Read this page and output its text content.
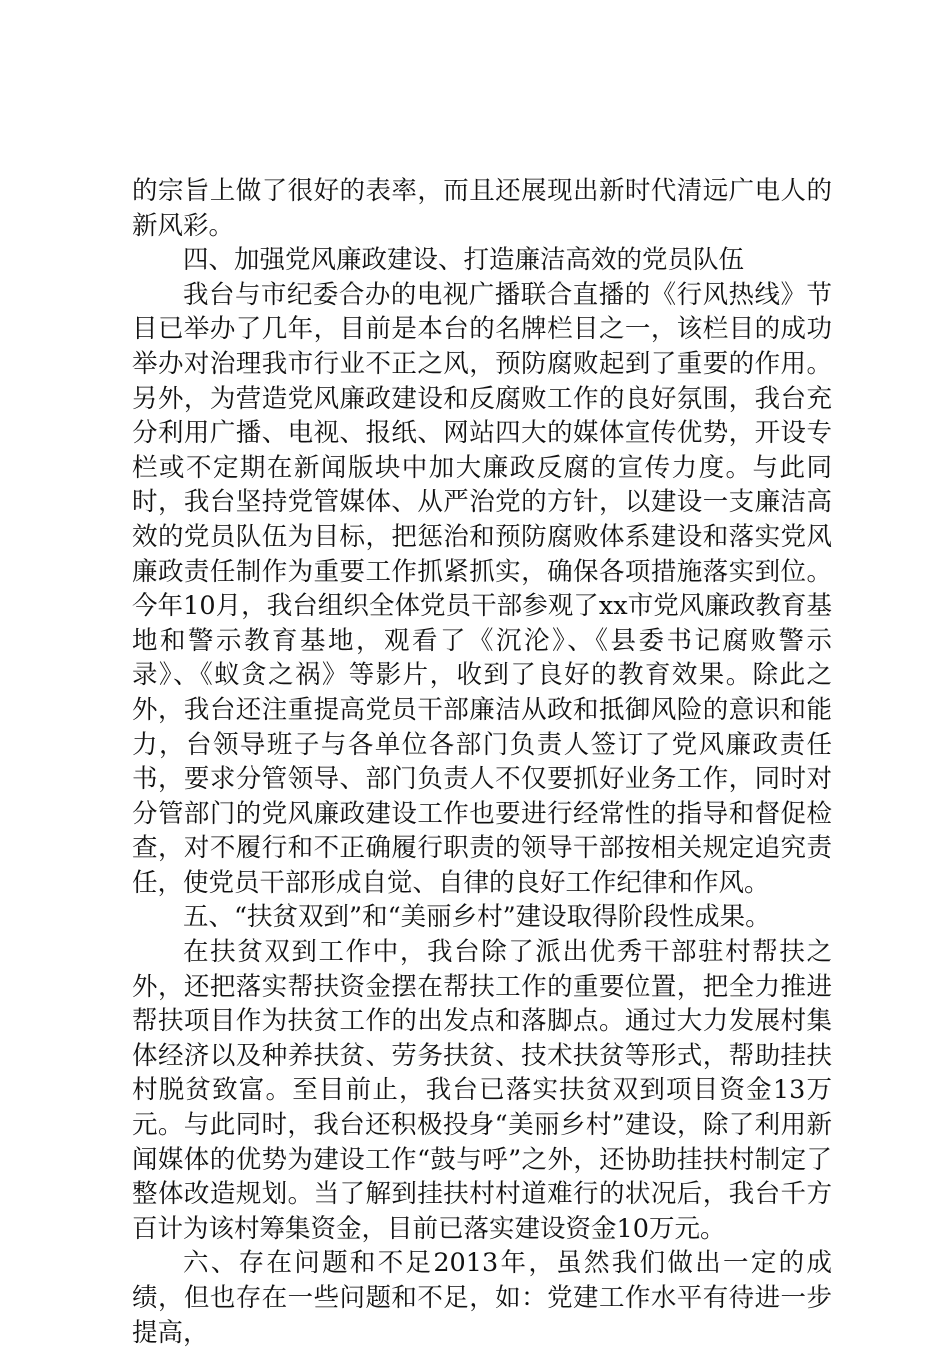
的宗旨上做了很好的表率，而且还展现出新时代清远广电人的新风彩。

四、加强党风廉政建设、打造廉洁高效的党员队伍

我台与市纪委合办的电视广播联合直播的《行风热线》节目已举办了几年，目前是本台的名牌栏目之一，该栏目的成功举办对治理我市行业不正之风，预防腐败起到了重要的作用。另外，为营造党风廉政建设和反腐败工作的良好氛围，我台充分利用广播、电视、报纸、网站四大的媒体宣传优势，开设专栏或不定期在新闻版块中加大廉政反腐的宣传力度。与此同时，我台坚持党管媒体、从严治党的方针，以建设一支廉洁高效的党员队伍为目标，把惩治和预防腐败体系建设和落实党风廉政责任制作为重要工作抓紧抓实，确保各项措施落实到位。今年10月，我台组织全体党员干部参观了xx市党风廉政教育基地和警示教育基地，观看了《沉沦》、《县委书记腐败警示录》、《蚁贪之祸》等影片，收到了良好的教育效果。除此之外，我台还注重提高党员干部廉洁从政和抵御风险的意识和能力，台领导班子与各单位各部门负责人签订了党风廉政责任书，要求分管领导、部门负责人不仅要抓好业务工作，同时对分管部门的党风廉政建设工作也要进行经常性的指导和督促检查，对不履行和不正确履行职责的领导干部按相关规定追究责任，使党员干部形成自觉、自律的良好工作纪律和作风。

五、“扶贫双到”和“美丽乡村”建设取得阶段性成果。

在扶贫双到工作中，我台除了派出优秀干部驻村帮扶之外，还把落实帮扶资金摆在帮扶工作的重要位置，把全力推进帮扶项目作为扶贫工作的出发点和落脚点。通过大力发展村集体经济以及种养扶贫、劳务扶贫、技术扶贫等形式，帮助挂扶村脱贫致富。至目前止，我台已落实扶贫双到项目资金13万元。与此同时，我台还积极投身“美丽乡村”建设，除了利用新闻媒体的优势为建设工作“鼓与呼”之外，还协助挂扶村制定了整体改造规划。当了解到挂扶村村道难行的状况后，我台千方百计为该村筹集资金，目前已落实建设资金10万元。

六、存在问题和不足2013年，虽然我们做出一定的成绩，但也存在一些问题和不足，如：党建工作水平有待进一步提高，
